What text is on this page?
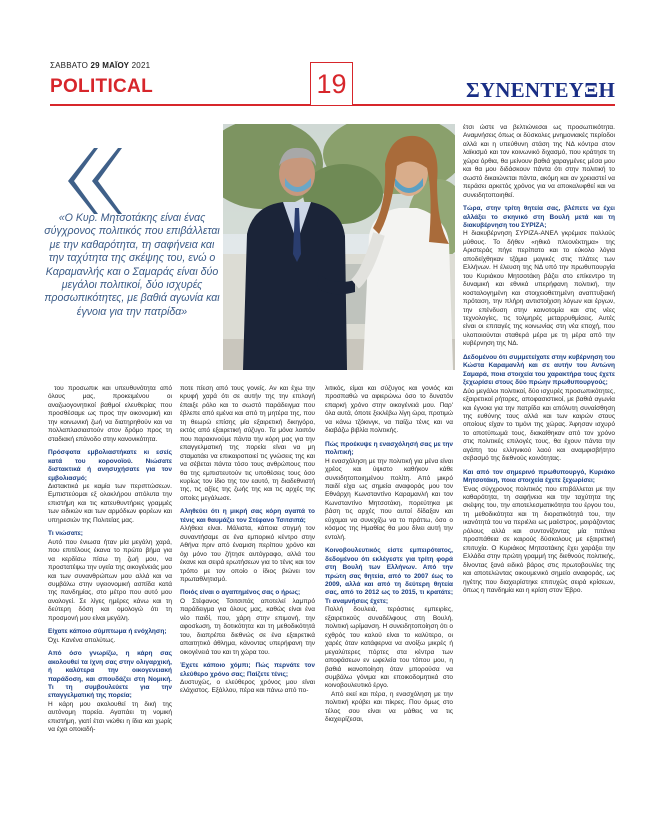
ΣΑΒΒΑΤΟ 29 ΜΑΪΟΥ 2021
POLITICAL	19	ΣΥΝΕΝΤΕΥΞΗ
«Ο Κυρ. Μητσοτάκης είναι ένας σύγχρονος πολιτικός που επιβάλλεται με την καθαρότητα, τη σαφήνεια και την ταχύτητα της σκέψης του, ενώ ο Καραμανλής και ο Σαμαράς είναι δύο μεγάλοι πολιτικοί, δύο ισχυρές προσωπικότητες, με βαθιά αγωνία και έγνοια για την πατρίδα»

του προσωπικ και υπευθυνότητα από όλους μας, προκειμένου οι αναζωογονητικοί βαθμοί ελευθερίας που προσθέσαμε ως προς την οικονομική και την κοινωνική ζωή να διατηρηθούν και να πολλαπλασιαστούν στον δρόμο προς τη σταδιακή επάνοδο στην κανονικότητα.

Πρόσφατα εμβολιαστήκατε κι εσείς κατά του κορονοϊού. Νιώσατε διστακτικά ή ανησυχήσατε για τον εμβολιασμό;

Διστακτικά με καμία των περιπτώσεων. Εμπιστεύομαι εξ ολοκλήρου απόλυτα την επιστήμη και τις κατευθυντήριες γραμμές των ειδικών και των αρμόδιων φορέων και υπηρεσιών της Πολιτείας μας.

Τι νιώσατε;

Αυτό που ένιωσα ήταν μία μεγάλη χαρά, που επιτέλους έκανα το πρώτο βήμα για να κερδίσω πίσω τη ζωή μου, να προστατέψω την υγεία της οικογένειάς μου και των συνανθρώπων μου αλλά και να συμβάλω στην υγειονομική ασπίδα κατά της πανδημίας, στο μέτρο που αυτό μου αναλογεί. Σε λίγες ημέρες κάνω και τη δεύτερη δόση και ομολογώ ότι τη προσμονή μου είναι μεγάλη.

Είχατε κάποιο σύμπτωμα ή ενόχληση;

Όχι. Κανένα απολύτως.

Από όσο γνωρίζω, η κάρη σας ακολουθεί τα ίχνη σας στην ολιγαρχική, ή καλύτερα την οικογενειακή παράδοση, και σπουδάζει στη Νομική. Τι τη συμβουλεύετε για την επαγγελματική της πορεία;

Η κάρη μου ακολουθεί τη δική της αυτόνομη πορεία. Αγαπάει τη νομική επιστήμη, γιατί έτσι νιώθει η ίδια και χωρίς να έχει οποιαδή-

ποτε πίεση από τους γονείς. Αν και έχω την κρυφή χαρά ότι σε αυτήν της την επιλογή έπαιξε ρόλο και το σωστό παράδειγμα που έβλεπε από εμένα και από τη μητέρα της, που τη θεωρώ επίσης μία εξαιρετική δικηγόρο, εκτός από εξαιρετική σύζυγο. Τα μόνα λοιπόν που παρακινούμε πάντα την κόρη μας για την επαγγελματική της πορεία είναι να μη σταματάει να επικαιροποιεί τις γνώσεις της και να σέβεται πάντα τόσο τους ανθρώπους που θα της εμπιστευτούν τις υποθέσεις τους όσο κυρίως τον ίδιο της τον εαυτό, τη διαδεθνιστή της, τις αξίες της ζωής της και τις αρχές της οποίες μεγάλωσε.

Αληθεύει ότι η μικρή σας κόρη αγαπά το τένις και θαυμάζει τον Στέφανο Τσιτσιπά;

Αλήθεια είναι. Μάλιστα, κάποια στιγμή τον συναντήσαμε σε ένα εμπορικό κέντρο στην Αθήνα πριν από έναμιση περίπου χρόνο και όχι μόνο του ζήτησε αυτόγραφο, αλλά του έκανε και σειρά ερωτήσεων για το τένις και τον τρόπο με τον οποίο ο ίδιος βιώνει τον πρωταθλητισμό.

Ποιός είναι ο αγαπημένος σας ο ήρως;

Ο Στέφανος Τσιτσιπάς αποτελεί λαμπρό παράδειγμα για όλους μας, καθώς είναι ένα νέο παιδί, που, χάρη στην επιμονή, την αφοσίωση, τη δοτικότητα και τη μεθοδικότητά του, διαπρέπει διεθνώς σε ένα εξαιρετικά απαιτητικό άθλημα, κάνοντας υπερήφανη την οικογένειά του και τη χώρα του.

Έχετε κάποιο χόμπι; Πώς περνάτε τον ελεύθερο χρόνο σας; Παίζετε τένις;

Δυστυχώς, ο ελεύθερος χρόνος μου είναι ελάχιστος. Εξάλλου, πέρα και πάνω από πο-

λιτικός, είμαι και σύζυγος και γονιός και προσπαθώ να αφιερώνω όσο το δυνατόν επαρκή χρόνο στην οικογένειά μου. Παρ' όλα αυτά, όποτε ξεκλέβω λίγη ώρα, προτιμώ να κάνω τζόκινγκ, να παίζω τένις και να διαβάζω βιβλία πολιτικής.

Πώς προέκυψε η ενασχόλησή σας με την πολιτική;

Η ενασχόληση με την πολιτική για μένα είναι χρέος και ύψιστο καθήκον κάθε συνειδητοποιημένου πολίτη. Από μικρό παιδί είχα ως σημεία αναφοράς μου τον Εθνάρχη Κωνσταντίνο Καραμανλή και τον Κωνσταντίνο Μητσοτάκη, πορεύτηκα με βάση τις αρχές που αυτοί δίδαξαν και εύχομαι να συνεχίζω να το πράττω, όσο ο κόσμος της Ημαθίας θα μου δίνει αυτή την εντολή.

Κοινοβουλευτικός είστε εμπειρότατος, δεδομένου ότι εκλέγεστε για τρίτη φορά στη Βουλή των Ελλήνων. Από την πρώτη σας θητεία, από το 2007 έως το 2009, αλλά και από τη δεύτερη θητεία σας, από το 2012 ως το 2015, τι κρατάτε; Τι αναμνήσεις έχετε;

Πολλή δουλειά, τεράστιες εμπειρίες, εξαιρετικούς συναδέλφους στη Βουλή, πολιτική ωρίμανση. Η συνειδητοποίηση ότι ο εχθρός του καλού είναι το καλύτερο, οι χαρές όταν κατάφερνα να ανοίξω μικρές ή μεγαλύτερες πόρτες στα κέντρα των αποφάσεων εν ωφελεία του τόπου μου, η βαθιά ικανοποίηση όταν μπορούσα να συμβάλω γόνιμα και εποικοδομητικά στο κοινοβουλευτικό έργο.

Από εκεί και πέρα, η ενασχόληση με την πολιτική κρύβει και πίκρες. Που όμως στο τέλος σου είναι να μάθεις να τις διαχειρίζεσαι,

έτσι ώστε να βελτιώνεσαι ως προσωπικότητα. Αναμνήσεις όπως οι δύσκολες μνημονιακές περίοδοι αλλά και η υπεύθυνη στάση της ΝΔ κόντρα στον λαϊκισμό και τον κοινωνικό διχασμό, που κράτησε τη χώρα όρθια, θα μείνουν βαθιά χαραγμένες μέσα μου και θα μου διδάσκουν πάντα ότι στην πολιτική το σωστό δικαιώνεται πάντα, ακόμη και αν χρειαστεί να περάσει αρκετός χρόνος για να αποκαλυφθεί και να συνειδητοποιηθεί.

Τώρα, στην τρίτη θητεία σας, βλέπετε να έχει αλλάξει το σκηνικό στη Βουλή μετά και τη διακυβέρνηση του ΣΥΡΙΖΑ;

Η διακυβέρνηση ΣΥΡΙΖΑ-ΑΝΕΛ γκρέμισε πολλούς μύθους. Το δήθεν «ηθικό πλεονέκτημα» της Αριστεράς πήγε περίπατο και το εύκολο λόγια αποδείχθηκαν τζάμια μαγικές στις πλάτες των Ελλήνων. Η έλευση της ΝΔ υπό την πρωθυπουργία του Κυριάκου Μητσοτάκη βάζει στο επίκεντρο τη δυναμική και εθνικά υπερήφανη πολιτική, την κοσταλογημένη και στοιχειοθετημένη αναπτυξιακή πρόταση, την πλήρη αντιστοίχιση λόγων και έργων, την επένδυση στην καινοτομία και στις νέες τεχνολογίες, τις τολμηρές μεταρρυθμίσεις. Αυτές είναι οι επιταγές της κοινωνίας στη νέα εποχή, που υλοποιούνται σταθερά μέρα με τη μέρα από την κυβέρνηση της ΝΔ.

Δεδομένου ότι συμμετείχατε στην κυβέρνηση του Κώστα Καραμανλή και σε αυτήν του Αντώνη Σαμαρά, ποια στοιχεία του χαρακτήρα τους έχετε ξεχωρίσει στους δύο πρώην πρωθυπουργούς;

Δύο μεγάλοι πολιτικοί, δύο ισχυρές προσωπικότητες, εξαιρετικοί ρήτορες, αποφασιστικοί, με βαθιά αγωνία και έγνοια για την πατρίδα και απόλυτη συναίσθηση της ευθύνης τους αλλά και των καιρών στους οποίους είχαν το τιμόνι της χώρας. Άφησαν ισχυρό το αποτύπωμά τους, διακαίθηκαν από τον χρόνο στις πολιτικές επιλογές τους, θα έχουν πάντα την αγάπη του ελληνικού λαού και αναμφισβήτητο σεβασμό της διεθνούς κοινότητας.

Και από τον σημερινό πρωθυπουργό, Κυριάκο Μητσοτάκη, ποια στοιχεία έχετε ξεχωρίσει;

Ένας σύγχρονος πολιτικός που επιβάλλεται με την καθαρότητα, τη σαφήνεια και την ταχύτητα της σκέψης του, την αποτελεσματικότητα του έργου του, τη μεθοδικότητα και τη διορατικότητά του, την ικανότητά του να περιέλει ως μαέστρος, μοιράζοντας ρόλους αλλά και συντονίζοντας μία πιτάνια προσπάθεια σε καιρούς δύσκολους με εξαιρετική επιτυχία. Ο Κυριάκος Μητσοτάκης έχει χαράξει την Ελλάδα στην πρώτη γραμμή της διεθνούς πολιτικής, δίνοντας ξανά ειδικό βάρος στις πρωτοβουλίες της και αποτελώντας οικουμενικό σημείο αναφοράς, ως ηγέτης που διαχειρίστηκε επιτυχώς σειρά κρίσεων, όπως η πανδημία και η κρίση στον Έβρο.
